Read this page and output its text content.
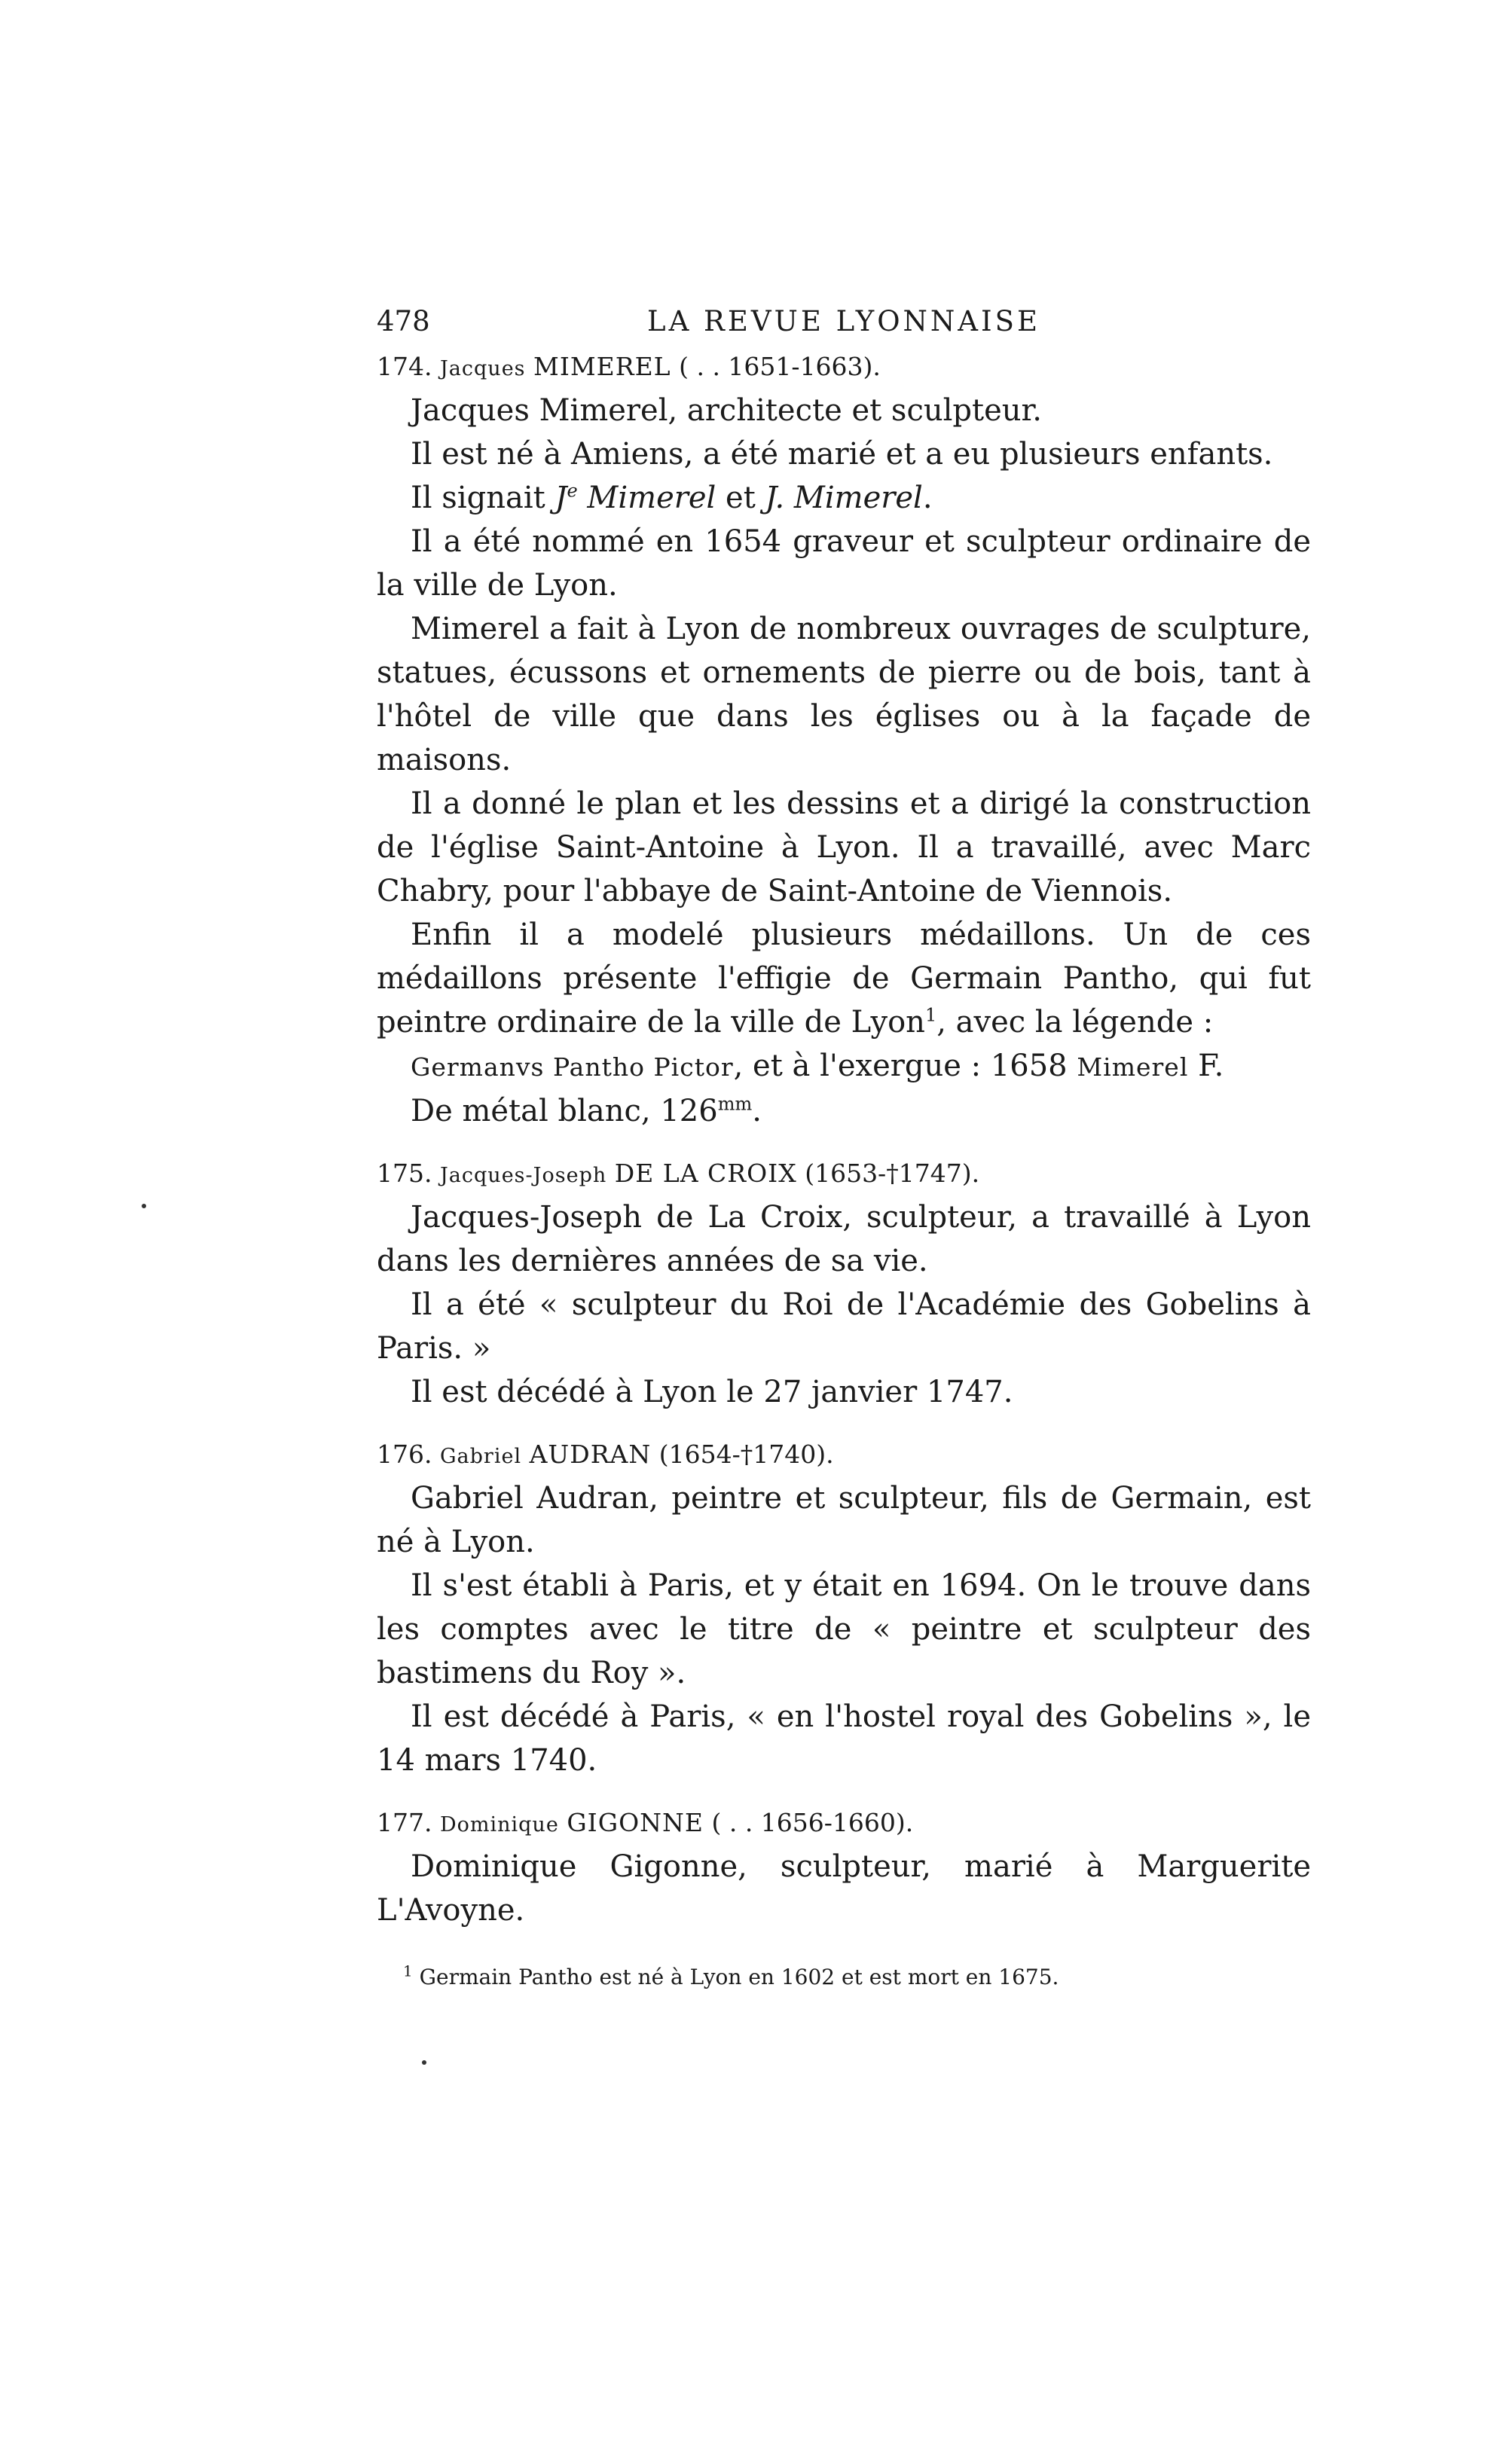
478	LA REVUE LYONNAISE
174. Jacques MIMEREL ( . . 1651-1663).

Jacques Mimerel, architecte et sculpteur.

Il est né à Amiens, a été marié et a eu plusieurs enfants.

Il signait $J^e$ Mimerel et J. Mimerel.

Il a été nommé en 1654 graveur et sculpteur ordinaire de la ville de Lyon.

Mimerel a fait à Lyon de nombreux ouvrages de sculpture, statues, écussons et ornements de pierre ou de bois, tant à l'hôtel de ville que dans les églises ou à la façade de maisons.

Il a donné le plan et les dessins et a dirigé la construction de l'église Saint-Antoine à Lyon. Il a travaillé, avec Marc Chabry, pour l'abbaye de Saint-Antoine de Viennois.

Enfin il a modelé plusieurs médaillons. Un de ces médaillons présente l'effigie de Germain Pantho, qui fut peintre ordinaire de la ville de Lyon$^1$, avec la légende :

Germanvs Pantho Pictor, et à l'exergue : 1658 Mimerel F.

De métal blanc, $126^{mm}$.

175. Jacques-Joseph DE LA CROIX (1653-†1747).

Jacques-Joseph de La Croix, sculpteur, a travaillé à Lyon dans les dernières années de sa vie.

Il a été « sculpteur du Roi de l'Académie des Gobelins à Paris. »

Il est décédé à Lyon le 27 janvier 1747.

176. Gabriel AUDRAN (1654-†1740).

Gabriel Audran, peintre et sculpteur, fils de Germain, est né à Lyon.

Il s'est établi à Paris, et y était en 1694. On le trouve dans les comptes avec le titre de « peintre et sculpteur des bastimens du Roy ».

Il est décédé à Paris, « en l'hostel royal des Gobelins », le 14 mars 1740.

177. Dominique GIGONNE ( . . 1656-1660).

Dominique Gigonne, sculpteur, marié à Marguerite L'Avoyne.

$^1$ Germain Pantho est né à Lyon en 1602 et est mort en 1675.
